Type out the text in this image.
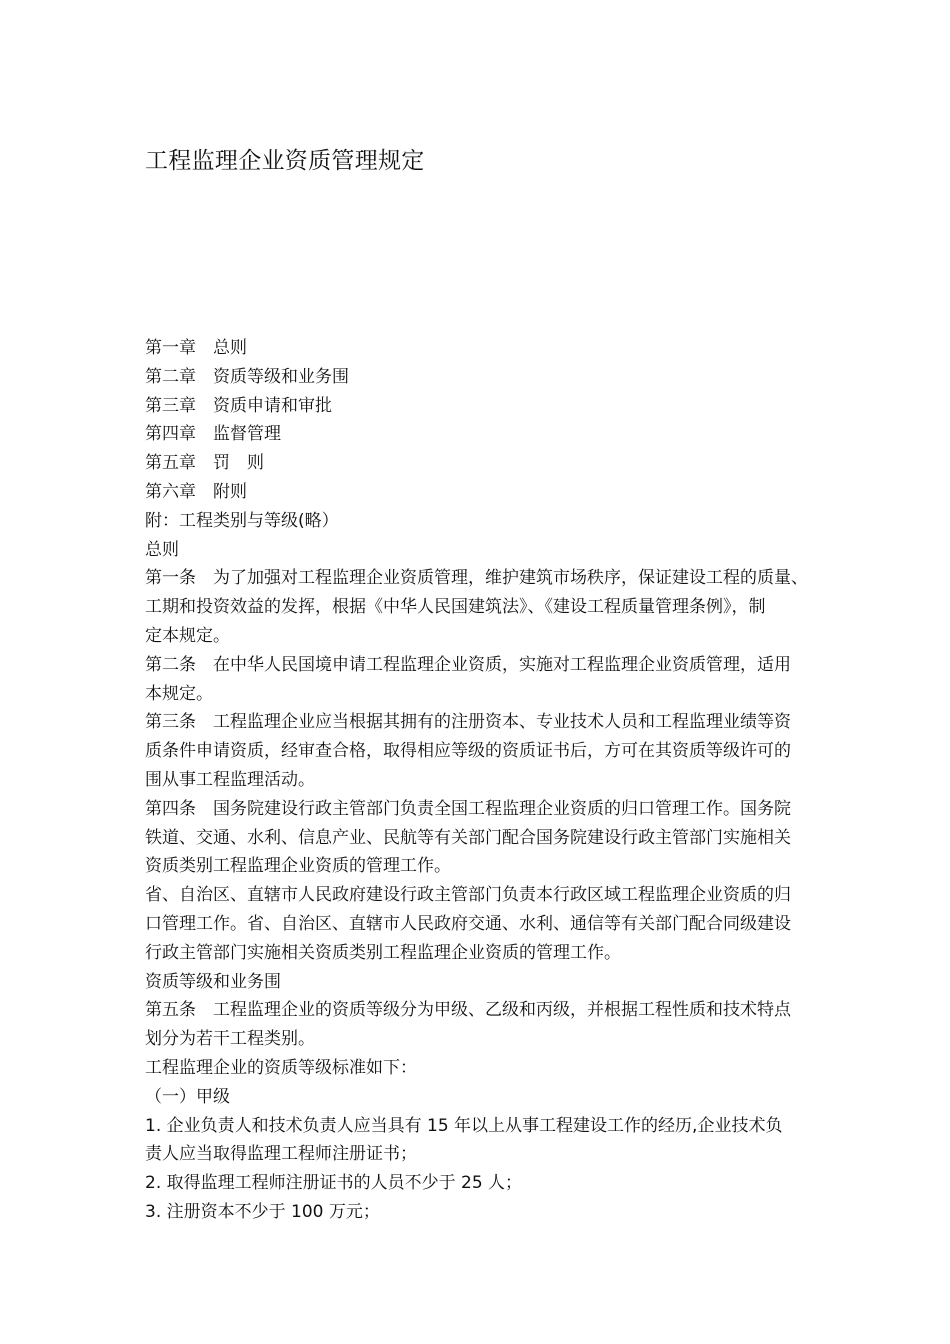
工程监理企业资质管理规定
第一章　总则
第二章　资质等级和业务围
第三章　资质申请和审批
第四章　监督管理
第五章　罚　则
第六章　附则
附：工程类别与等级(略）
总则
第一条　为了加强对工程监理企业资质管理，维护建筑市场秩序，保证建设工程的质量、
工期和投资效益的发挥，根据《中华人民国建筑法》、《建设工程质量管理条例》，制
定本规定。
第二条　在中华人民国境申请工程监理企业资质，实施对工程监理企业资质管理，适用
本规定。
第三条　工程监理企业应当根据其拥有的注册资本、专业技术人员和工程监理业绩等资
质条件申请资质，经审查合格，取得相应等级的资质证书后，方可在其资质等级许可的
围从事工程监理活动。
第四条　国务院建设行政主管部门负责全国工程监理企业资质的归口管理工作。国务院
铁道、交通、水利、信息产业、民航等有关部门配合国务院建设行政主管部门实施相关
资质类别工程监理企业资质的管理工作。
省、自治区、直辖市人民政府建设行政主管部门负责本行政区域工程监理企业资质的归
口管理工作。省、自治区、直辖市人民政府交通、水利、通信等有关部门配合同级建设
行政主管部门实施相关资质类别工程监理企业资质的管理工作。
资质等级和业务围
第五条　工程监理企业的资质等级分为甲级、乙级和丙级，并根据工程性质和技术特点
划分为若干工程类别。
工程监理企业的资质等级标准如下：
（一）甲级
1. 企业负责人和技术负责人应当具有 15 年以上从事工程建设工作的经历,企业技术负
责人应当取得监理工程师注册证书；
2. 取得监理工程师注册证书的人员不少于 25 人；
3. 注册资本不少于 100 万元；
